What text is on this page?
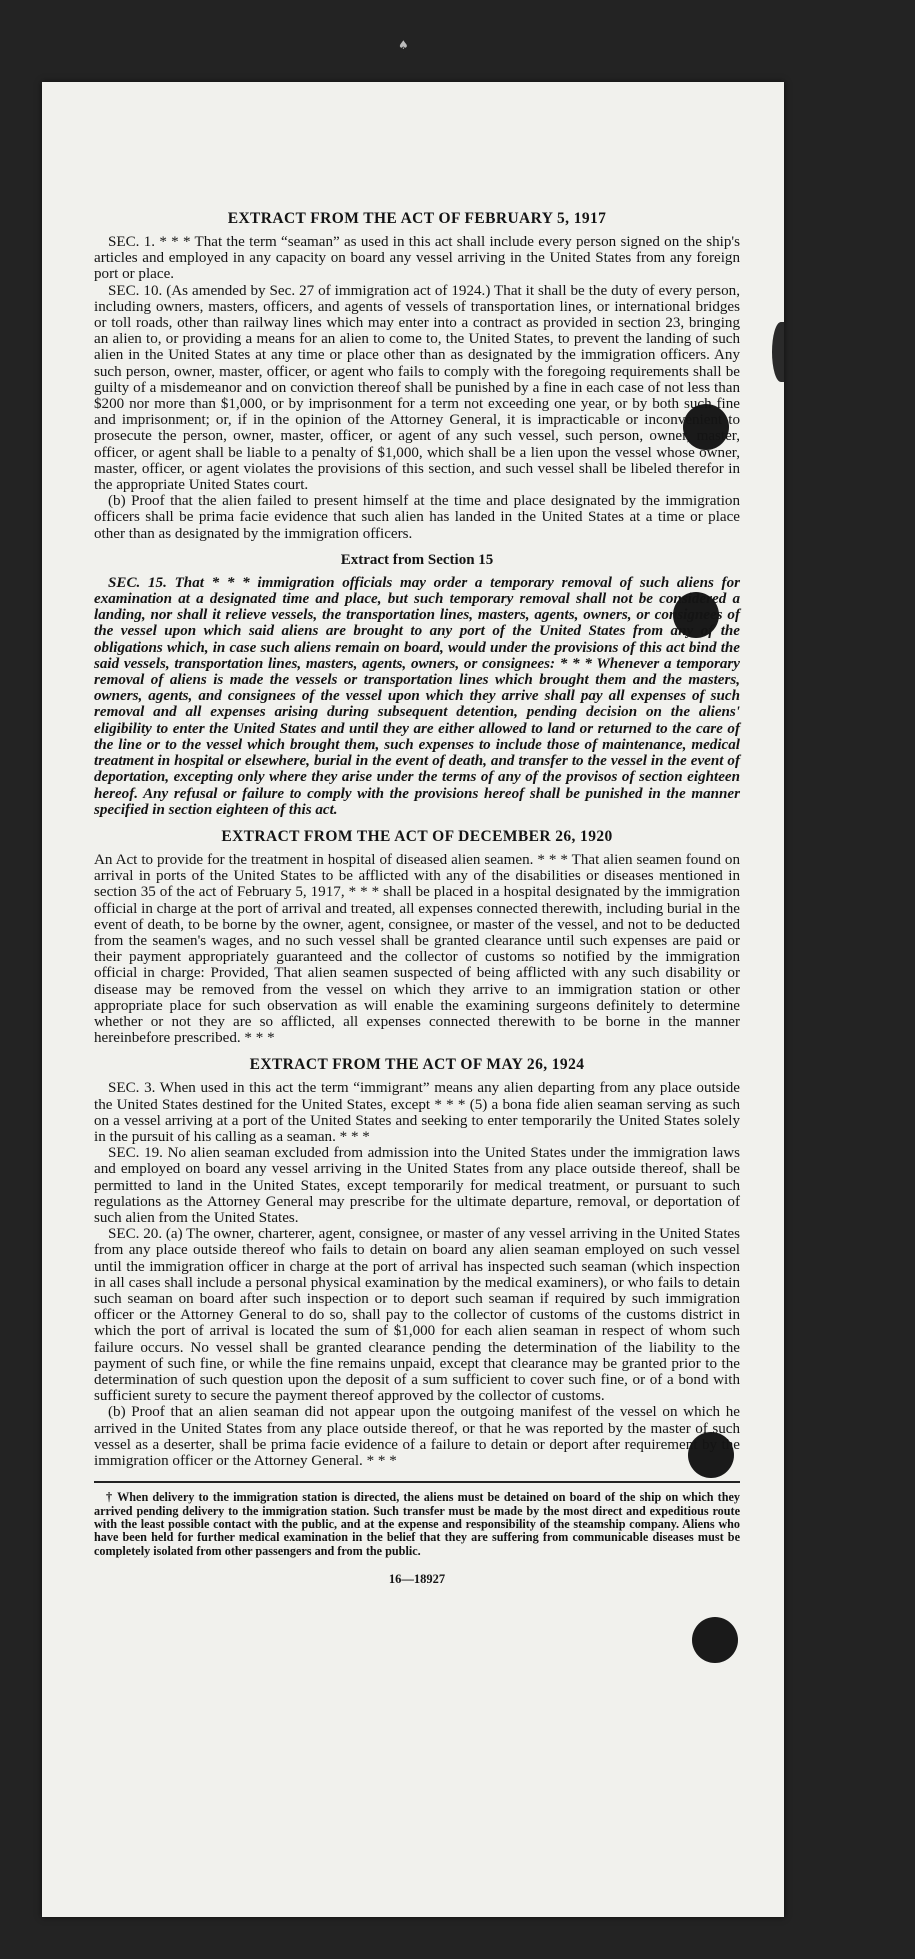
♠
EXTRACT FROM THE ACT OF FEBRUARY 5, 1917

SEC. 1. * * * That the term “seaman” as used in this act shall include every person signed on the ship's articles and employed in any capacity on board any vessel arriving in the United States from any foreign port or place.

SEC. 10. (As amended by Sec. 27 of immigration act of 1924.) That it shall be the duty of every person, including owners, masters, officers, and agents of vessels of transportation lines, or international bridges or toll roads, other than railway lines which may enter into a contract as provided in section 23, bringing an alien to, or providing a means for an alien to come to, the United States, to prevent the landing of such alien in the United States at any time or place other than as designated by the immigration officers. Any such person, owner, master, officer, or agent who fails to comply with the foregoing requirements shall be guilty of a misdemeanor and on conviction thereof shall be punished by a fine in each case of not less than $200 nor more than $1,000, or by imprisonment for a term not exceeding one year, or by both such fine and imprisonment; or, if in the opinion of the Attorney General, it is impracticable or inconvenient to prosecute the person, owner, master, officer, or agent of any such vessel, such person, owner, master, officer, or agent shall be liable to a penalty of $1,000, which shall be a lien upon the vessel whose owner, master, officer, or agent violates the provisions of this section, and such vessel shall be libeled therefor in the appropriate United States court.

(b) Proof that the alien failed to present himself at the time and place designated by the immigration officers shall be prima facie evidence that such alien has landed in the United States at a time or place other than as designated by the immigration officers.

Extract from Section 15

SEC. 15. That * * * immigration officials may order a temporary removal of such aliens for examination at a designated time and place, but such temporary removal shall not be considered a landing, nor shall it relieve vessels, the transportation lines, masters, agents, owners, or consignees of the vessel upon which said aliens are brought to any port of the United States from any of the obligations which, in case such aliens remain on board, would under the provisions of this act bind the said vessels, transportation lines, masters, agents, owners, or consignees: * * * Whenever a temporary removal of aliens is made the vessels or transportation lines which brought them and the masters, owners, agents, and consignees of the vessel upon which they arrive shall pay all expenses of such removal and all expenses arising during subsequent detention, pending decision on the aliens' eligibility to enter the United States and until they are either allowed to land or returned to the care of the line or to the vessel which brought them, such expenses to include those of maintenance, medical treatment in hospital or elsewhere, burial in the event of death, and transfer to the vessel in the event of deportation, excepting only where they arise under the terms of any of the provisos of section eighteen hereof. Any refusal or failure to comply with the provisions hereof shall be punished in the manner specified in section eighteen of this act.

EXTRACT FROM THE ACT OF DECEMBER 26, 1920

An Act to provide for the treatment in hospital of diseased alien seamen. * * * That alien seamen found on arrival in ports of the United States to be afflicted with any of the disabilities or diseases mentioned in section 35 of the act of February 5, 1917, * * * shall be placed in a hospital designated by the immigration official in charge at the port of arrival and treated, all expenses connected therewith, including burial in the event of death, to be borne by the owner, agent, consignee, or master of the vessel, and not to be deducted from the seamen's wages, and no such vessel shall be granted clearance until such expenses are paid or their payment appropriately guaranteed and the collector of customs so notified by the immigration official in charge: Provided, That alien seamen suspected of being afflicted with any such disability or disease may be removed from the vessel on which they arrive to an immigration station or other appropriate place for such observation as will enable the examining surgeons definitely to determine whether or not they are so afflicted, all expenses connected therewith to be borne in the manner hereinbefore prescribed. * * *

EXTRACT FROM THE ACT OF MAY 26, 1924

SEC. 3. When used in this act the term “immigrant” means any alien departing from any place outside the United States destined for the United States, except * * * (5) a bona fide alien seaman serving as such on a vessel arriving at a port of the United States and seeking to enter temporarily the United States solely in the pursuit of his calling as a seaman. * * *

SEC. 19. No alien seaman excluded from admission into the United States under the immigration laws and employed on board any vessel arriving in the United States from any place outside thereof, shall be permitted to land in the United States, except temporarily for medical treatment, or pursuant to such regulations as the Attorney General may prescribe for the ultimate departure, removal, or deportation of such alien from the United States.

SEC. 20. (a) The owner, charterer, agent, consignee, or master of any vessel arriving in the United States from any place outside thereof who fails to detain on board any alien seaman employed on such vessel until the immigration officer in charge at the port of arrival has inspected such seaman (which inspection in all cases shall include a personal physical examination by the medical examiners), or who fails to detain such seaman on board after such inspection or to deport such seaman if required by such immigration officer or the Attorney General to do so, shall pay to the collector of customs of the customs district in which the port of arrival is located the sum of $1,000 for each alien seaman in respect of whom such failure occurs. No vessel shall be granted clearance pending the determination of the liability to the payment of such fine, or while the fine remains unpaid, except that clearance may be granted prior to the determination of such question upon the deposit of a sum sufficient to cover such fine, or of a bond with sufficient surety to secure the payment thereof approved by the collector of customs.

(b) Proof that an alien seaman did not appear upon the outgoing manifest of the vessel on which he arrived in the United States from any place outside thereof, or that he was reported by the master of such vessel as a deserter, shall be prima facie evidence of a failure to detain or deport after requirement by the immigration officer or the Attorney General. * * *

† When delivery to the immigration station is directed, the aliens must be detained on board of the ship on which they arrived pending delivery to the immigration station. Such transfer must be made by the most direct and expeditious route with the least possible contact with the public, and at the expense and responsibility of the steamship company. Aliens who have been held for further medical examination in the belief that they are suffering from communicable diseases must be completely isolated from other passengers and from the public.

16—18927
